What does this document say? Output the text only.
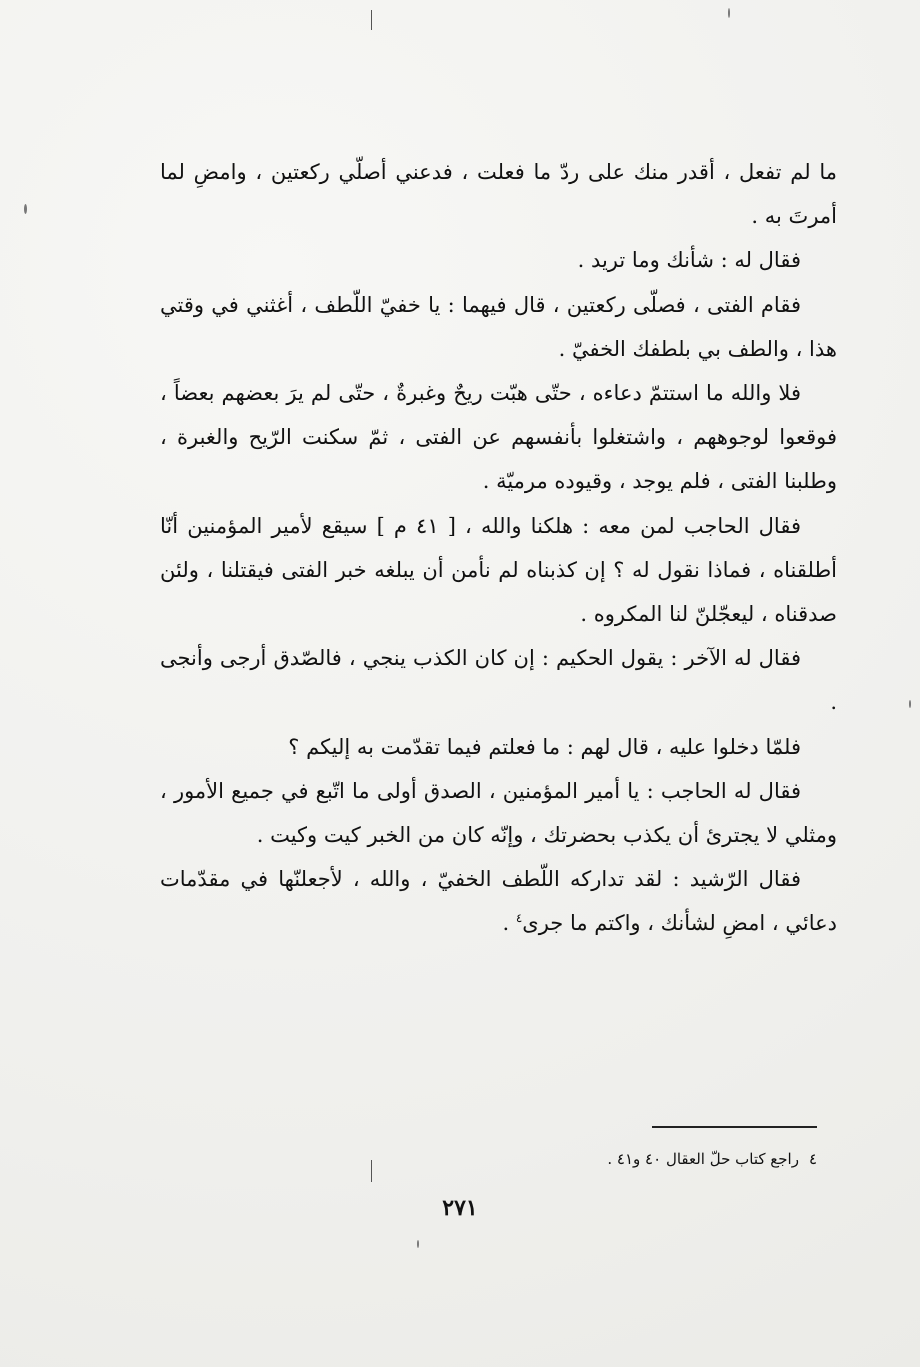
ما لم تفعل ، أقدر منك على ردّ ما فعلت ، فدعني أصلّي ركعتين ، وامضِ لما أمرتَ به .

فقال له : شأنك وما تريد .

فقام الفتى ، فصلّى ركعتين ، قال فيهما : يا خفيّ اللّطف ، أغثني في وقتي هذا ، والطف بي بلطفك الخفيّ .

فلا والله ما استتمّ دعاءه ، حتّى هبّت ريحٌ وغبرةٌ ، حتّى لم يرَ بعضهم بعضاً ، فوقعوا لوجوههم ، واشتغلوا بأنفسهم عن الفتى ، ثمّ سكنت الرّيح والغبرة ، وطلبنا الفتى ، فلم يوجد ، وقيوده مرميّة .

فقال الحاجب لمن معه : هلكنا والله ، [ ٤١ م ] سيقع لأمير المؤمنين أنّا أطلقناه ، فماذا نقول له ؟ إن كذبناه لم نأمن أن يبلغه خبر الفتى فيقتلنا ، ولئن صدقناه ، ليعجّلنّ لنا المكروه .

فقال له الآخر : يقول الحكيم : إن كان الكذب ينجي ، فالصّدق أرجى وأنجى .

فلمّا دخلوا عليه ، قال لهم : ما فعلتم فيما تقدّمت به إليكم ؟

فقال له الحاجب : يا أمير المؤمنين ، الصدق أولى ما اتّبع في جميع الأمور ، ومثلي لا يجترئ أن يكذب بحضرتك ، وإنّه كان من الخبر كيت وكيت .

فقال الرّشيد : لقد تداركه اللّطف الخفيّ ، والله ، لأجعلنّها في مقدّمات دعائي ، امضِ لشأنك ، واكتم ما جرى$^٤$ .

٤راجع كتاب حلّ العقال ٤٠ و٤١ .
٢٧١
